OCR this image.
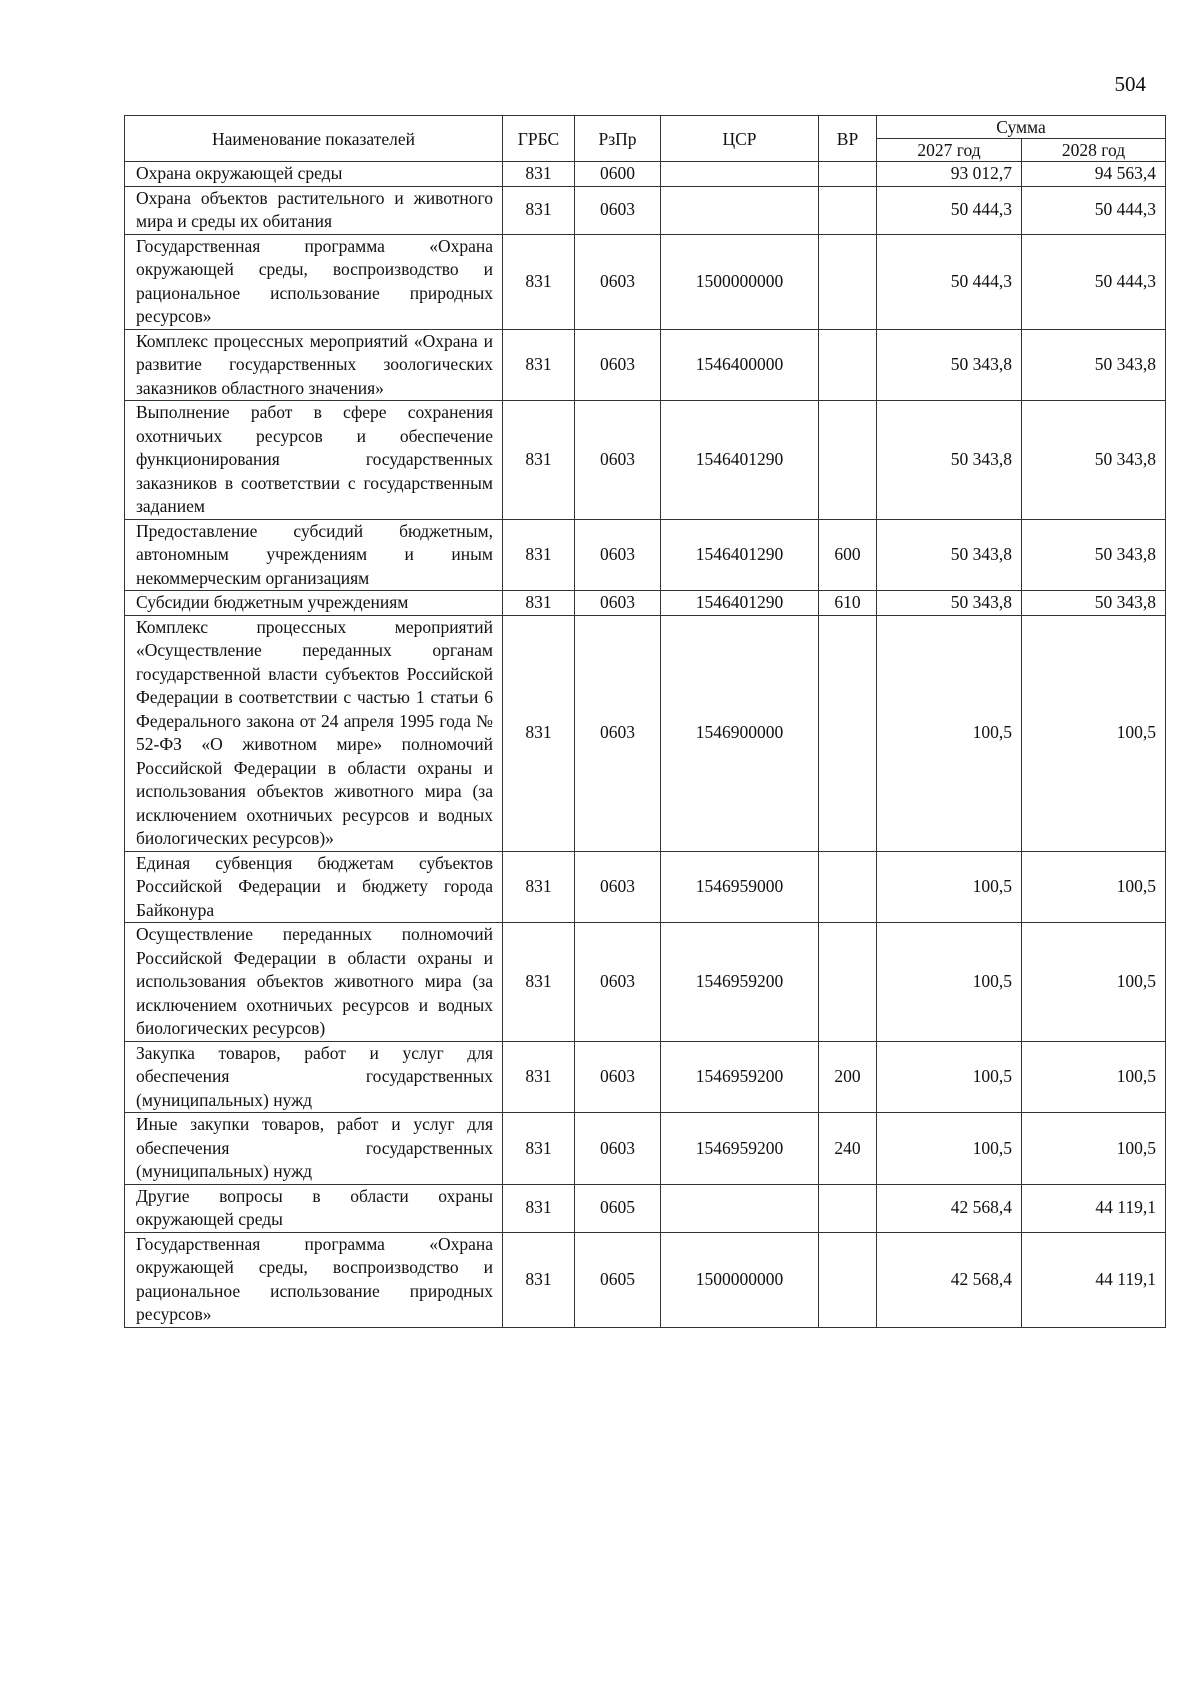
504
Наименование показателей	ГРБС	РзПр	ЦСР	ВР	Сумма	
					2027 год	2028 год
Охрана окружающей среды	831	0600			93 012,7	94 563,4
Охрана объектов растительного и животного мира и среды их обитания	831	0603			50 444,3	50 444,3
Государственная программа «Охрана окружающей среды, воспроизводство и рациональное использование природных ресурсов»	831	0603	1500000000		50 444,3	50 444,3
Комплекс процессных мероприятий «Охрана и развитие государственных зоологических заказников областного значения»	831	0603	1546400000		50 343,8	50 343,8
Выполнение работ в сфере сохранения охотничьих ресурсов и обеспечение функционирования государственных заказников в соответствии с государственным заданием	831	0603	1546401290		50 343,8	50 343,8
Предоставление субсидий бюджетным, автономным учреждениям и иным некоммерческим организациям	831	0603	1546401290	600	50 343,8	50 343,8
Субсидии бюджетным учреждениям	831	0603	1546401290	610	50 343,8	50 343,8
Комплекс процессных мероприятий «Осуществление переданных органам государственной власти субъектов Российской Федерации в соответствии с частью 1 статьи 6 Федерального закона от 24 апреля 1995 года № 52-ФЗ «О животном мире» полномочий Российской Федерации в области охраны и использования объектов животного мира (за исключением охотничьих ресурсов и водных биологических ресурсов)»	831	0603	1546900000		100,5	100,5
Единая субвенция бюджетам субъектов Российской Федерации и бюджету города Байконура	831	0603	1546959000		100,5	100,5
Осуществление переданных полномочий Российской Федерации в области охраны и использования объектов животного мира (за исключением охотничьих ресурсов и водных биологических ресурсов)	831	0603	1546959200		100,5	100,5
Закупка товаров, работ и услуг для обеспечения государственных (муниципальных) нужд	831	0603	1546959200	200	100,5	100,5
Иные закупки товаров, работ и услуг для обеспечения государственных (муниципальных) нужд	831	0603	1546959200	240	100,5	100,5
Другие вопросы в области охраны окружающей среды	831	0605			42 568,4	44 119,1
Государственная программа «Охрана окружающей среды, воспроизводство и рациональное использование природных ресурсов»	831	0605	1500000000		42 568,4	44 119,1
